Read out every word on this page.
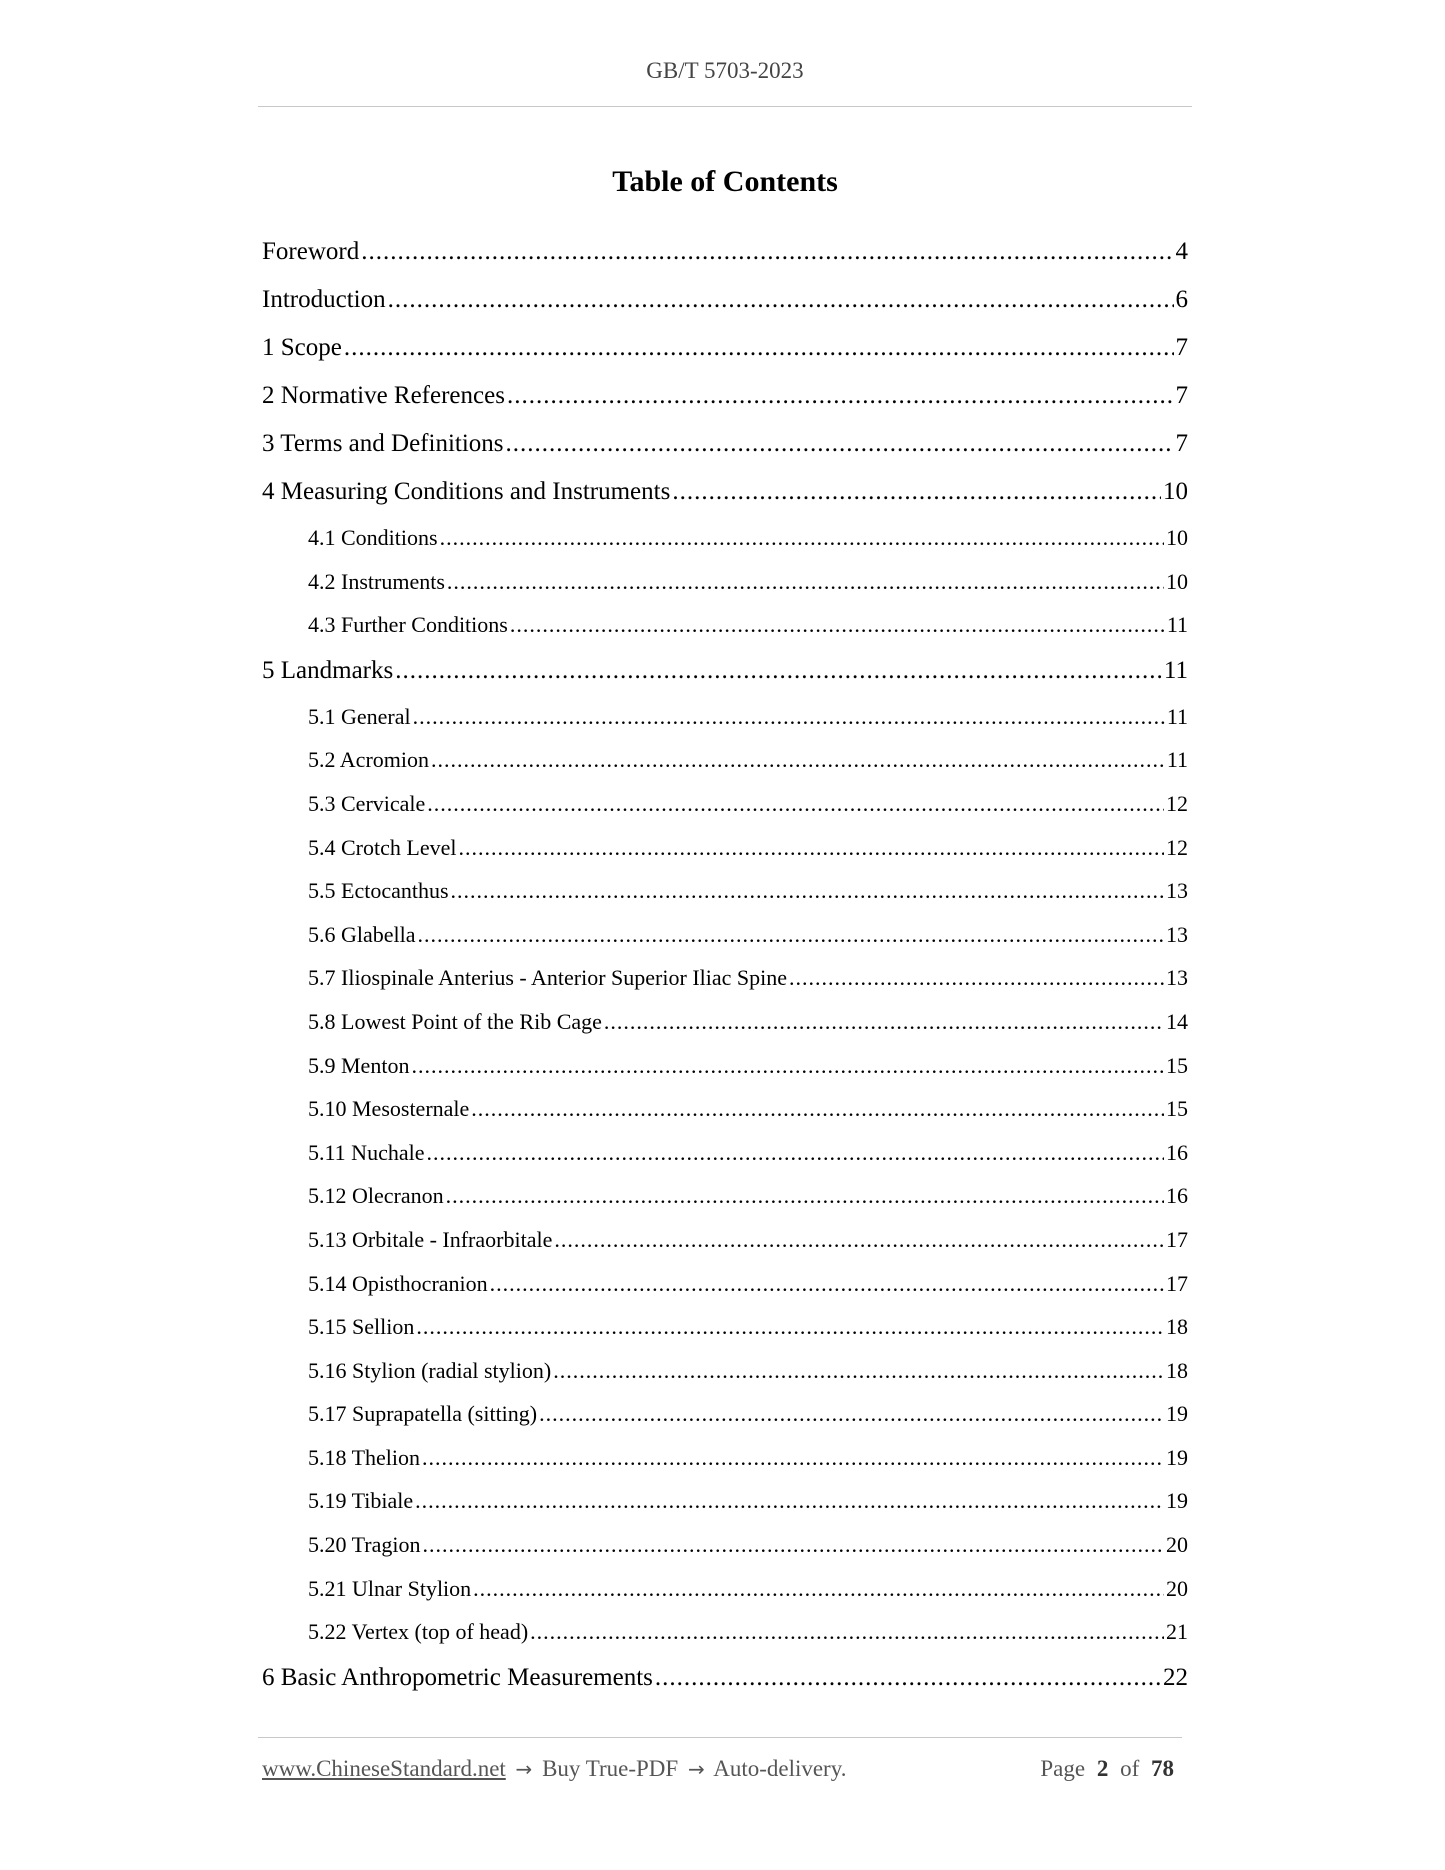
GB/T 5703-2023
Table of Contents
Foreword .....	4
Introduction .....	6
1 Scope .....	7
2 Normative References .....	7
3 Terms and Definitions .....	7
4 Measuring Conditions and Instruments .....	10
4.1 Conditions .....	10
4.2 Instruments .....	10
4.3 Further Conditions .....	11
5 Landmarks .....	11
5.1 General .....	11
5.2 Acromion .....	11
5.3 Cervicale .....	12
5.4 Crotch Level .....	12
5.5 Ectocanthus .....	13
5.6 Glabella .....	13
5.7 Iliospinale Anterius - Anterior Superior Iliac Spine .....	13
5.8 Lowest Point of the Rib Cage .....	14
5.9 Menton .....	15
5.10 Mesosternale .....	15
5.11 Nuchale .....	16
5.12 Olecranon .....	16
5.13 Orbitale - Infraorbitale .....	17
5.14 Opisthocranion .....	17
5.15 Sellion .....	18
5.16 Stylion (radial stylion) .....	18
5.17 Suprapatella (sitting) .....	19
5.18 Thelion .....	19
5.19 Tibiale .....	19
5.20 Tragion .....	20
5.21 Ulnar Stylion .....	20
5.22 Vertex (top of head) .....	21
6 Basic Anthropometric Measurements .....	22
www.ChineseStandard.net → Buy True-PDF → Auto-delivery.	Page 2 of 78
